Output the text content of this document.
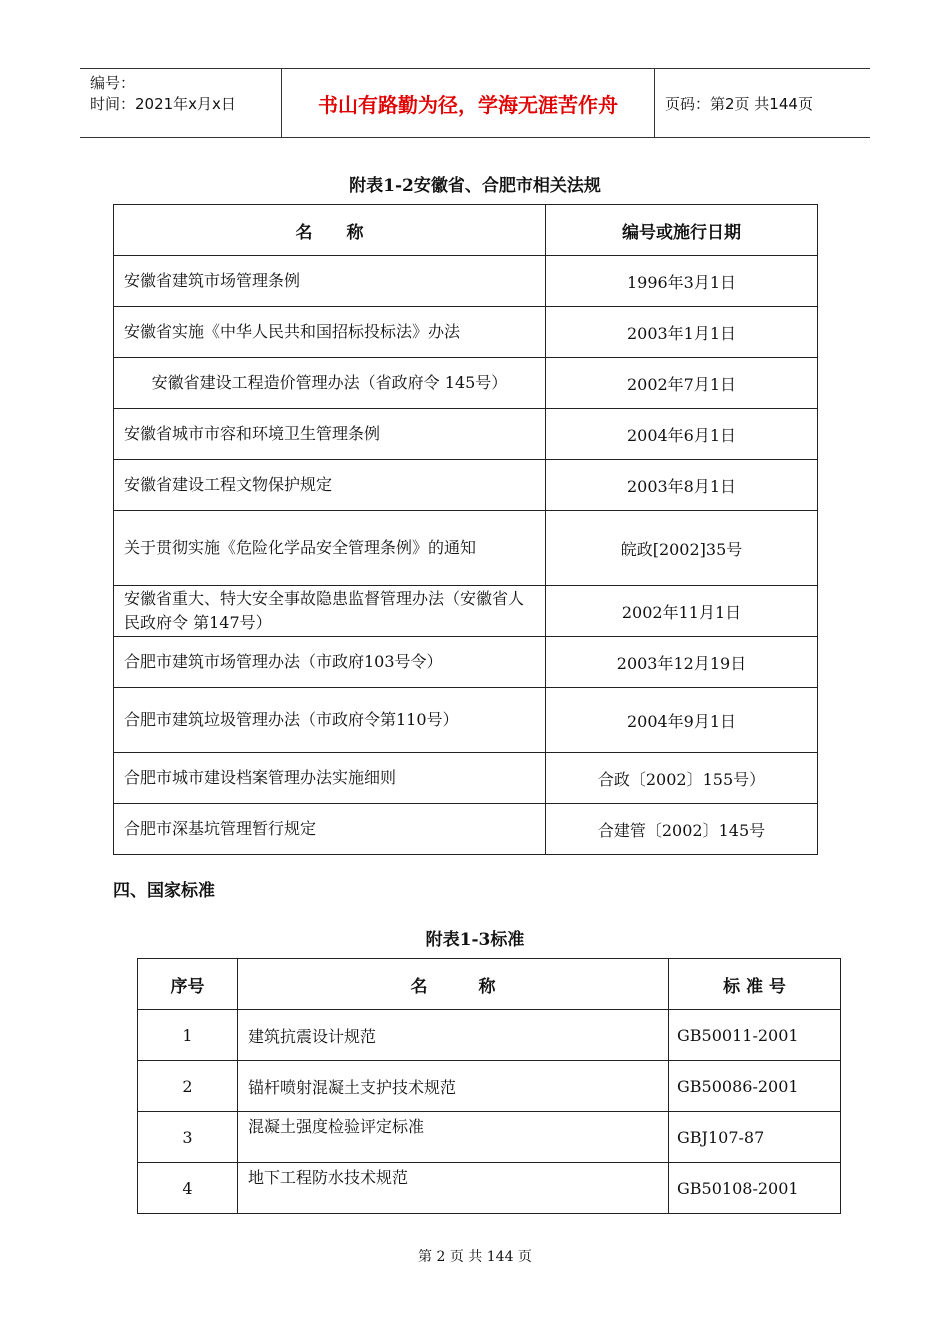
编号：
时间：2021年x月x日	书山有路勤为径，学海无涯苦作舟	页码：第2页 共144页
附表1-2安徽省、合肥市相关法规
名　　称	编号或施行日期
安徽省建筑市场管理条例	1996年3月1日
安徽省实施《中华人民共和国招标投标法》办法	2003年1月1日
安徽省建设工程造价管理办法（省政府令 145号）	2002年7月1日
安徽省城市市容和环境卫生管理条例	2004年6月1日
安徽省建设工程文物保护规定	2003年8月1日
关于贯彻实施《危险化学品安全管理条例》的通知	皖政[2002]35号
安徽省重大、特大安全事故隐患监督管理办法（安徽省人民政府令 第147号）	2002年11月1日
合肥市建筑市场管理办法（市政府103号令）	2003年12月19日
合肥市建筑垃圾管理办法（市政府令第110号）	2004年9月1日
合肥市城市建设档案管理办法实施细则	合政〔2002〕155号）
合肥市深基坑管理暂行规定	合建管〔2002〕145号
四、国家标准
附表1-3标准
序号	名　　　称	标 准 号
1	建筑抗震设计规范	GB50011-2001
2	锚杆喷射混凝土支护技术规范	GB50086-2001
3	混凝土强度检验评定标准	GBJ107-87
4	地下工程防水技术规范	GB50108-2001
第 2 页 共 144 页
